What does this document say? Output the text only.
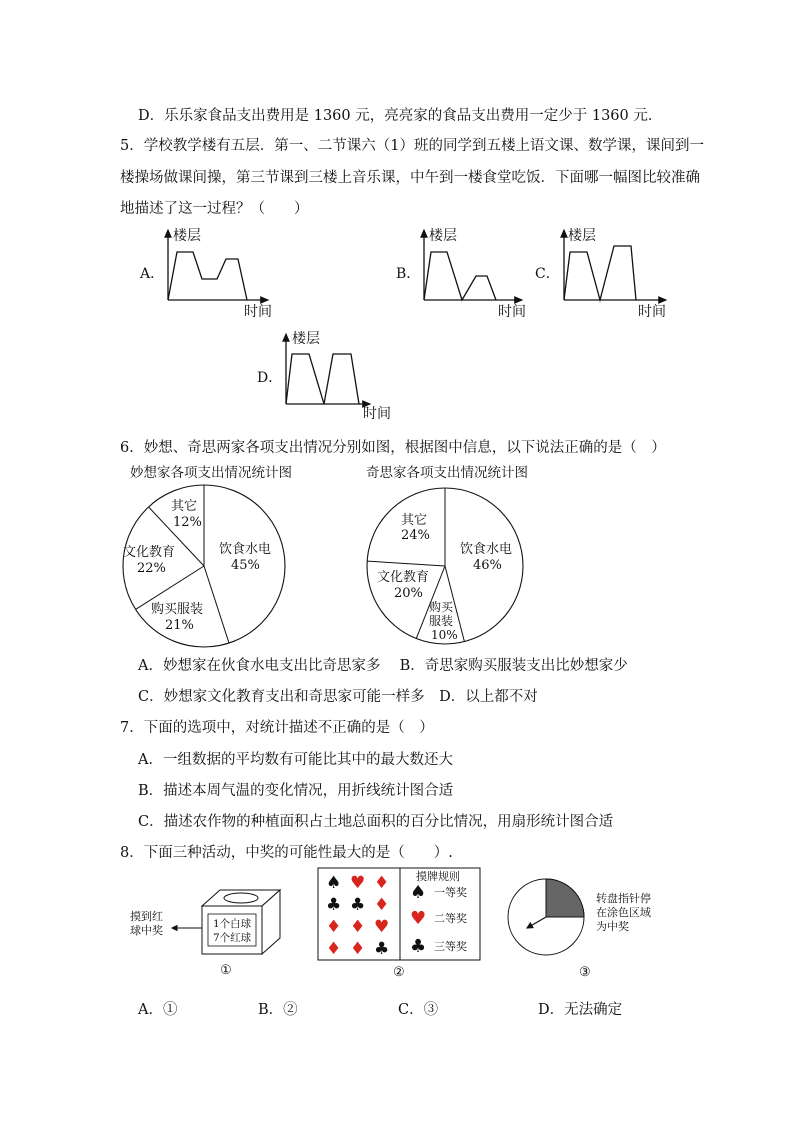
D．乐乐家食品支出费用是 1360 元，亮亮家的食品支出费用一定少于 1360 元．
5．学校教学楼有五层．第一、二节课六（1）班的同学到五楼上语文课、数学课，课间到一
楼操场做课间操，第三节课到三楼上音乐课，中午到一楼食堂吃饭．下面哪一幅图比较准确
地描述了这一过程？（　　）
A．
楼层
时间
B．
楼层
时间
C．
楼层
时间
D．
楼层
时间
6．妙想、奇思两家各项支出情况分别如图，根据图中信息，以下说法正确的是（　）
妙想家各项支出情况统计图	奇思家各项支出情况统计图
其它
12%
文化教育
22%
饮食水电
45%
购买服装
21%
其它
24%
文化教育
20%
饮食水电
46%
购买
服装
10%
A．妙想家在伙食水电支出比奇思家多　 B．奇思家购买服装支出比妙想家少
C．妙想家文化教育支出和奇思家可能一样多　D．以上都不对
7．下面的选项中，对统计描述不正确的是（　）
A．一组数据的平均数有可能比其中的最大数还大
B．描述本周气温的变化情况，用折线统计图合适
C．描述农作物的种植面积占土地总面积的百分比情况，用扇形统计图合适
8．下面三种活动，中奖的可能性最大的是（　　）.
摸到红
球中奖	1个白球
7个红球
①
♠ ♥ ♦
♣ ♣ ♦
♦ ♦ ♥
♦ ♦ ♣
♠
♥
♣
摸牌规则
一等奖
二等奖
三等奖
②
转盘指针停
在涂色区域
为中奖
③
A．①	B．②	C．③	D．无法确定
